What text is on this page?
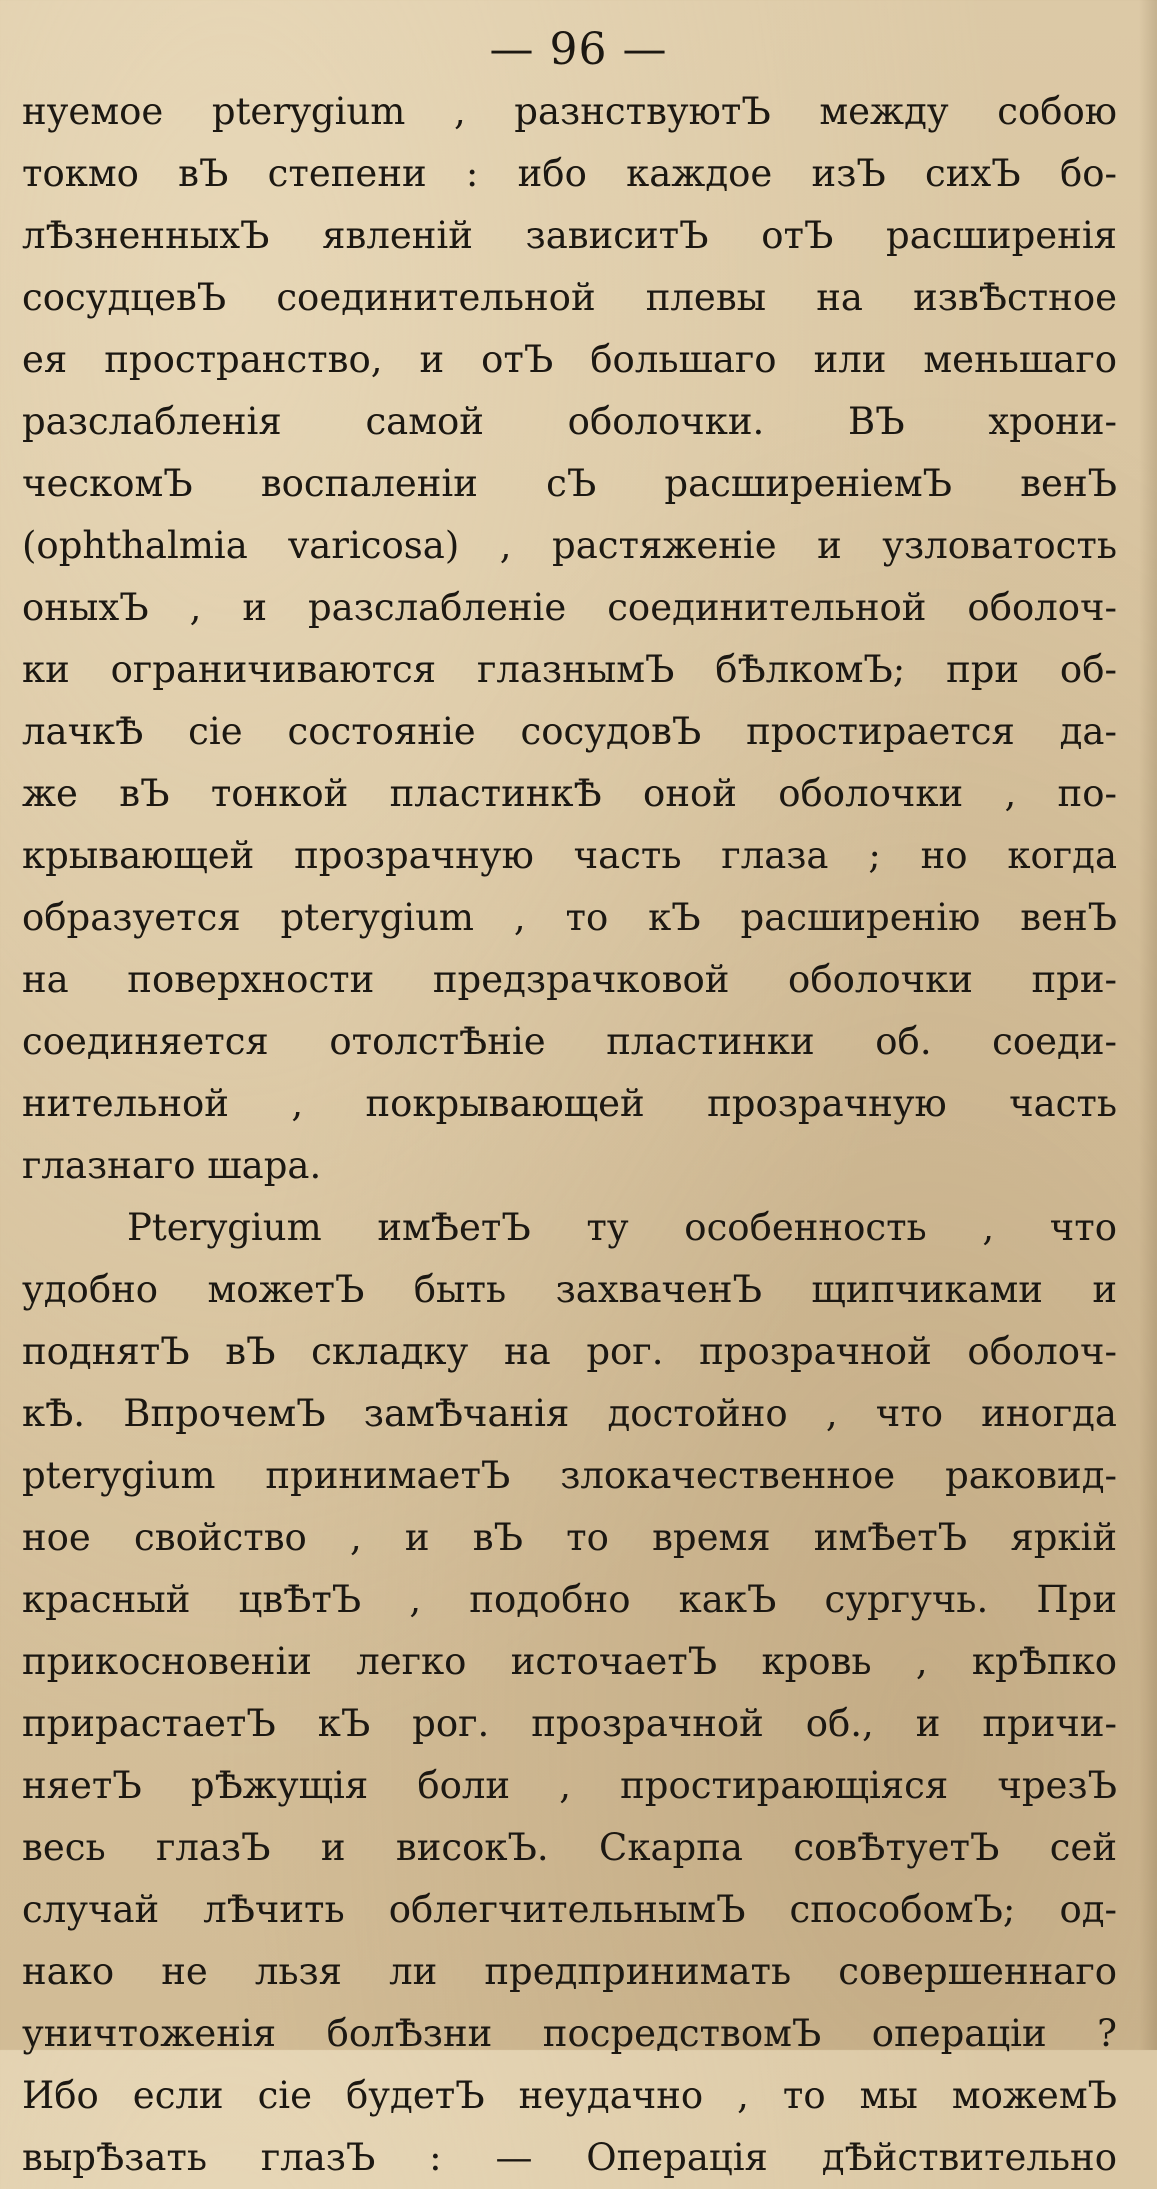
— 96 —
нуемое pterygium , разнствуютЪ между собою
токмо вЪ степени : ибо каждое изЪ сихЪ бо-
лѢзненныхЪ явленій зависитЪ отЪ расширенія
сосудцевЪ соединительной плевы на извѢстное
ея пространство, и отЪ большаго или меньшаго
разслабленія самой оболочки. ВЪ хрони-
ческомЪ воспаленіи сЪ расширеніемЪ венЪ
(ophthalmia varicosa) , растяженіе и узловатость
оныхЪ , и разслабленіе соединительной оболоч-
ки ограничиваются глазнымЪ бѢлкомЪ; при об-
лачкѢ сіе состояніе сосудовЪ простирается да-
же вЪ тонкой пластинкѢ оной оболочки , по-
крывающей прозрачную часть глаза ; но когда
образуется pterygium , то кЪ расширенію венЪ
на поверхности предзрачковой оболочки при-
соединяется отолстѢніе пластинки об. соеди-
нительной , покрывающей прозрачную часть
глазнаго шара.
Pterygium имѢетЪ ту особенность , что
удобно можетЪ быть захваченЪ щипчиками и
поднятЪ вЪ складку на рог. прозрачной оболоч-
кѢ. ВпрочемЪ замѢчанія достойно , что иногда
pterygium принимаетЪ злокачественное раковид-
ное свойство , и вЪ то время имѢетЪ яркій
красный цвѢтЪ , подобно какЪ сургучь. При
прикосновеніи легко источаетЪ кровь , крѢпко
прирастаетЪ кЪ рог. прозрачной об., и причи-
няетЪ рѢжущія боли , простирающіяся чрезЪ
весь глазЪ и високЪ. Скарпа совѢтуетЪ сей
случай лѢчить облегчительнымЪ способомЪ; од-
нако не льзя ли предпринимать совершеннаго
уничтоженія болѢзни посредствомЪ операціи ?
Ибо если сіе будетЪ неудачно , то мы можемЪ
вырѢзать глазЪ : — Операція дѢйствительно
